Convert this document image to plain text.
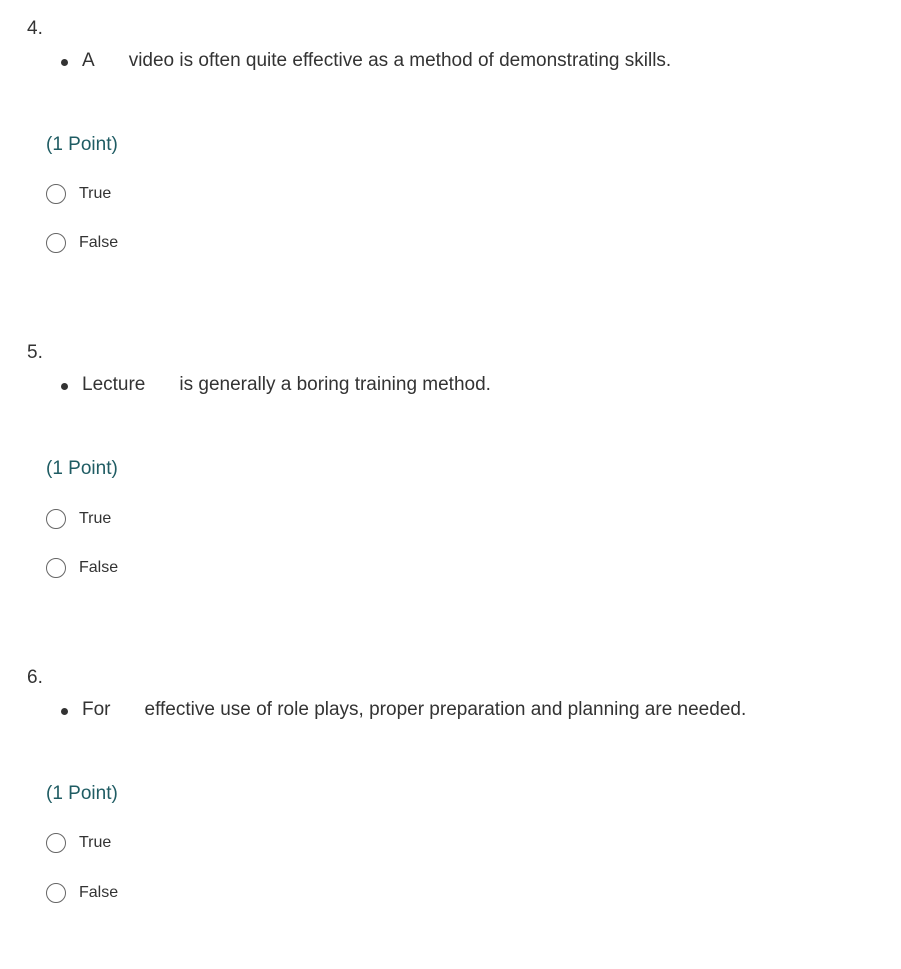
4.
A video is often quite effective as a method of demonstrating skills.
(1 Point)
True
False
5.
Lecture is generally a boring training method.
(1 Point)
True
False
6.
For effective use of role plays, proper preparation and planning are needed.
(1 Point)
True
False
